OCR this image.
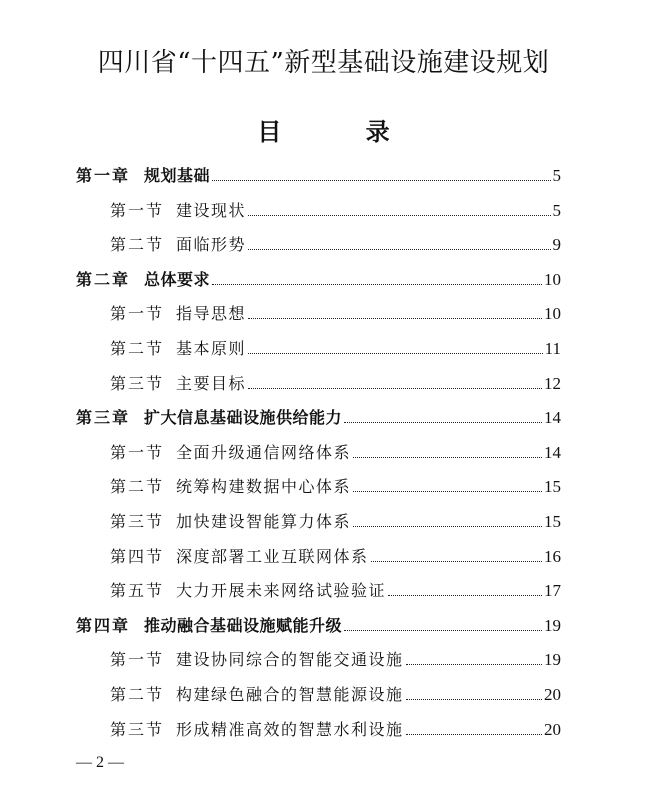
四川省“十四五”新型基础设施建设规划
目 录
第一章 规划基础	5
第一节 建设现状	5
第二节 面临形势	9
第二章 总体要求	10
第一节 指导思想	10
第二节 基本原则	11
第三节 主要目标	12
第三章 扩大信息基础设施供给能力	14
第一节 全面升级通信网络体系	14
第二节 统筹构建数据中心体系	15
第三节 加快建设智能算力体系	15
第四节 深度部署工业互联网体系	16
第五节 大力开展未来网络试验验证	17
第四章 推动融合基础设施赋能升级	19
第一节 建设协同综合的智能交通设施	19
第二节 构建绿色融合的智慧能源设施	20
第三节 形成精准高效的智慧水利设施	20
— 2 —
